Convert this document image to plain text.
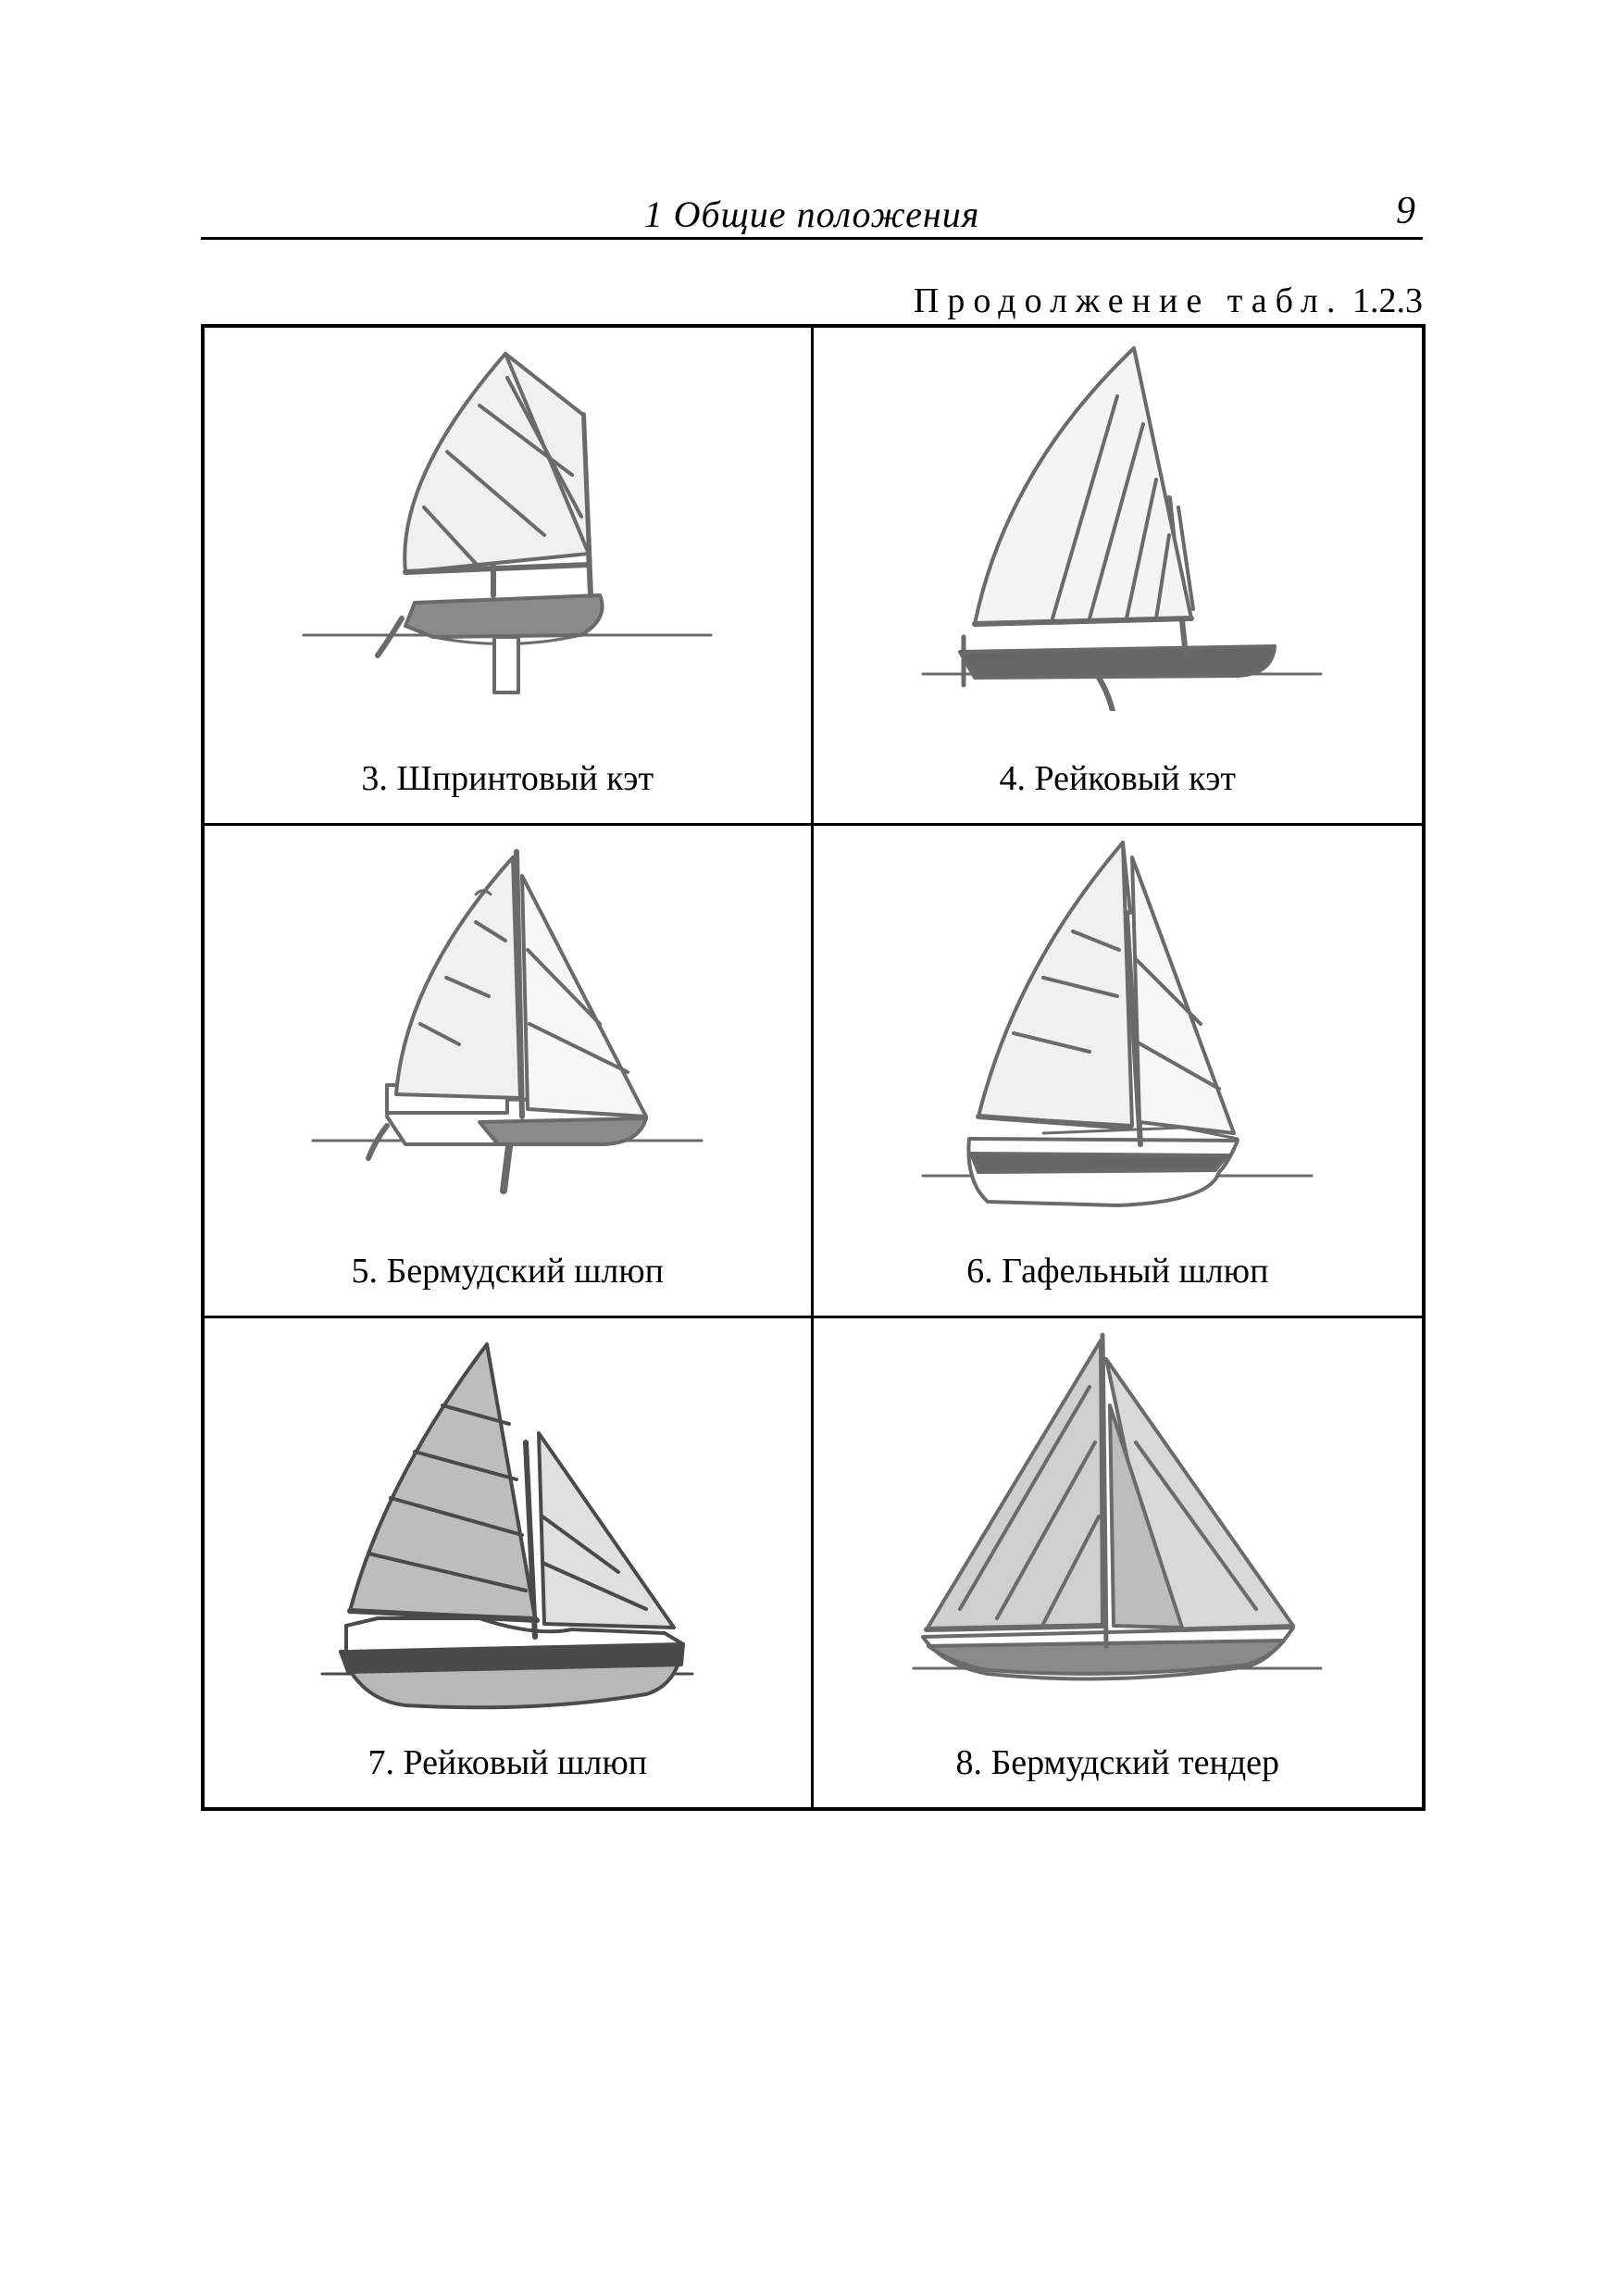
1 Общие положения	9
Продолжение табл. 1.2.3
3. Шпринтовый кэт	4. Рейковый кэт
5. Бермудский шлюп	6. Гафельный шлюп
7. Рейковый шлюп	8. Бермудский тендер
